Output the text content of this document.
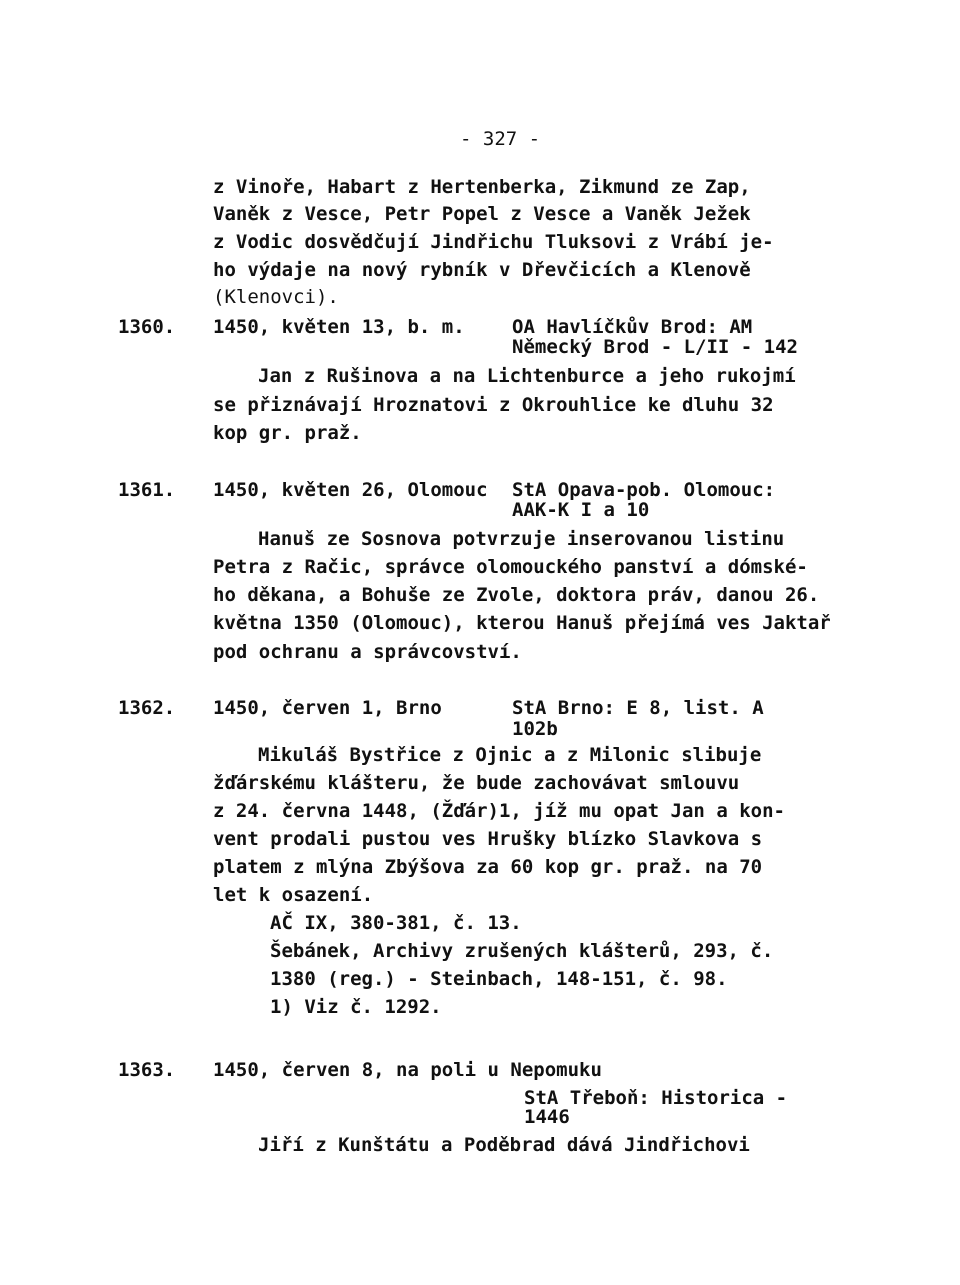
- 327 -
z Vinoře, Habart z Hertenberka, Zikmund ze Zap,
Vaněk z Vesce, Petr Popel z Vesce a Vaněk Ježek
z Vodic dosvědčují Jindřichu Tluksovi z Vrábí je-
ho výdaje na nový rybník v Dřevčicích a Klenově
(Klenovci).
1360. 1450, květen 13, b. m. OA Havlíčkův Brod: AM
Německý Brod - L/II - 142
Jan z Rušinova a na Lichtenburce a jeho rukojmí
se přiznávají Hroznatovi z Okrouhlice ke dluhu 32
kop gr. praž.
1361. 1450, květen 26, Olomouc StA Opava-pob. Olomouc:
AAK-K I a 10
Hanuš ze Sosnova potvrzuje inserovanou listinu
Petra z Račic, správce olomouckého panství a dómské-
ho děkana, a Bohuše ze Zvole, doktora práv, danou 26.
května 1350 (Olomouc), kterou Hanuš přejímá ves Jaktař
pod ochranu a správcovství.
1362. 1450, červen 1, Brno	StA Brno: E 8, list. A
102b
Mikuláš Bystřice z Ojnic a z Milonic slibuje
žďárskému klášteru, že bude zachovávat smlouvu
z 24. června 1448, (Žďár)1, jíž mu opat Jan a kon-
vent prodali pustou ves Hrušky blízko Slavkova s
platem z mlýna Zbýšova za 60 kop gr. praž. na 70
let k osazení.
AČ IX, 380-381, č. 13.
Šebánek, Archivy zrušených klášterů, 293, č.
1380 (reg.) - Steinbach, 148-151, č. 98.
1) Viz č. 1292.
1363. 1450, červen 8, na poli u Nepomuku
StA Třeboň: Historica -
1446
Jiří z Kunštátu a Poděbrad dává Jindřichovi
